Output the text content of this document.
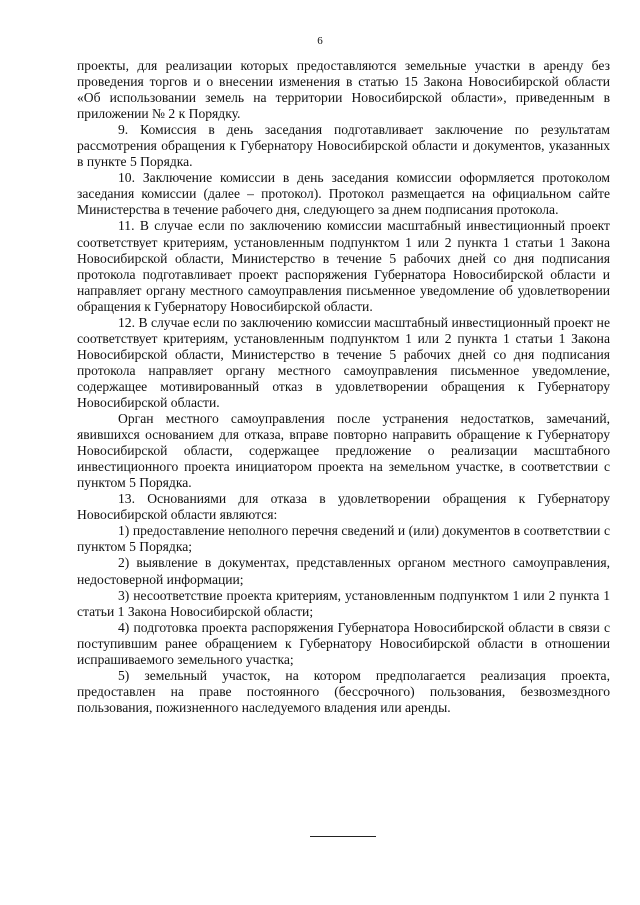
6

проекты, для реализации которых предоставляются земельные участки в аренду без проведения торгов и о внесении изменения в статью 15 Закона Новосибирской области «Об использовании земель на территории Новосибирской области», приведенным в приложении № 2 к Порядку.

9. Комиссия в день заседания подготавливает заключение по результатам рассмотрения обращения к Губернатору Новосибирской области и документов, указанных в пункте 5 Порядка.

10. Заключение комиссии в день заседания комиссии оформляется протоколом заседания комиссии (далее – протокол). Протокол размещается на официальном сайте Министерства в течение рабочего дня, следующего за днем подписания протокола.

11. В случае если по заключению комиссии масштабный инвестиционный проект соответствует критериям, установленным подпунктом 1 или 2 пункта 1 статьи 1 Закона Новосибирской области, Министерство в течение 5 рабочих дней со дня подписания протокола подготавливает проект распоряжения Губернатора Новосибирской области и направляет органу местного самоуправления письменное уведомление об удовлетворении обращения к Губернатору Новосибирской области.

12. В случае если по заключению комиссии масштабный инвестиционный проект не соответствует критериям, установленным подпунктом 1 или 2 пункта 1 статьи 1 Закона Новосибирской области, Министерство в течение 5 рабочих дней со дня подписания протокола направляет органу местного самоуправления письменное уведомление, содержащее мотивированный отказ в удовлетворении обращения к Губернатору Новосибирской области.

Орган местного самоуправления после устранения недостатков, замечаний, явившихся основанием для отказа, вправе повторно направить обращение к Губернатору Новосибирской области, содержащее предложение о реализации масштабного инвестиционного проекта инициатором проекта на земельном участке, в соответствии с пунктом 5 Порядка.

13. Основаниями для отказа в удовлетворении обращения к Губернатору Новосибирской области являются:

1) предоставление неполного перечня сведений и (или) документов в соответствии с пунктом 5 Порядка;

2) выявление в документах, представленных органом местного самоуправления, недостоверной информации;

3) несоответствие проекта критериям, установленным подпунктом 1 или 2 пункта 1 статьи 1 Закона Новосибирской области;

4) подготовка проекта распоряжения Губернатора Новосибирской области в связи с поступившим ранее обращением к Губернатору Новосибирской области в отношении испрашиваемого земельного участка;

5) земельный участок, на котором предполагается реализация проекта, предоставлен на праве постоянного (бессрочного) пользования, безвозмездного пользования, пожизненного наследуемого владения или аренды.
